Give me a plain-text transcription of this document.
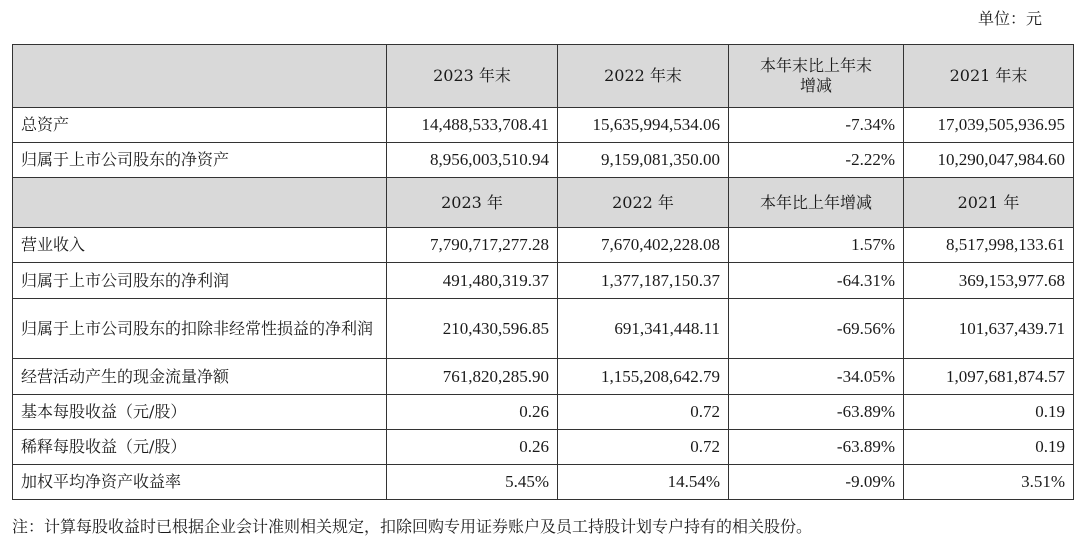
单位：元
	2023 年末	2022 年末	本年末比上年末增减	2021 年末
总资产	14,488,533,708.41	15,635,994,534.06	-7.34%	17,039,505,936.95
归属于上市公司股东的净资产	8,956,003,510.94	9,159,081,350.00	-2.22%	10,290,047,984.60
	2023 年	2022 年	本年比上年增减	2021 年
营业收入	7,790,717,277.28	7,670,402,228.08	1.57%	8,517,998,133.61
归属于上市公司股东的净利润	491,480,319.37	1,377,187,150.37	-64.31%	369,153,977.68
归属于上市公司股东的扣除非经常性损益的净利润	210,430,596.85	691,341,448.11	-69.56%	101,637,439.71
经营活动产生的现金流量净额	761,820,285.90	1,155,208,642.79	-34.05%	1,097,681,874.57
基本每股收益（元/股）	0.26	0.72	-63.89%	0.19
稀释每股收益（元/股）	0.26	0.72	-63.89%	0.19
加权平均净资产收益率	5.45%	14.54%	-9.09%	3.51%
注：计算每股收益时已根据企业会计准则相关规定，扣除回购专用证券账户及员工持股计划专户持有的相关股份。
